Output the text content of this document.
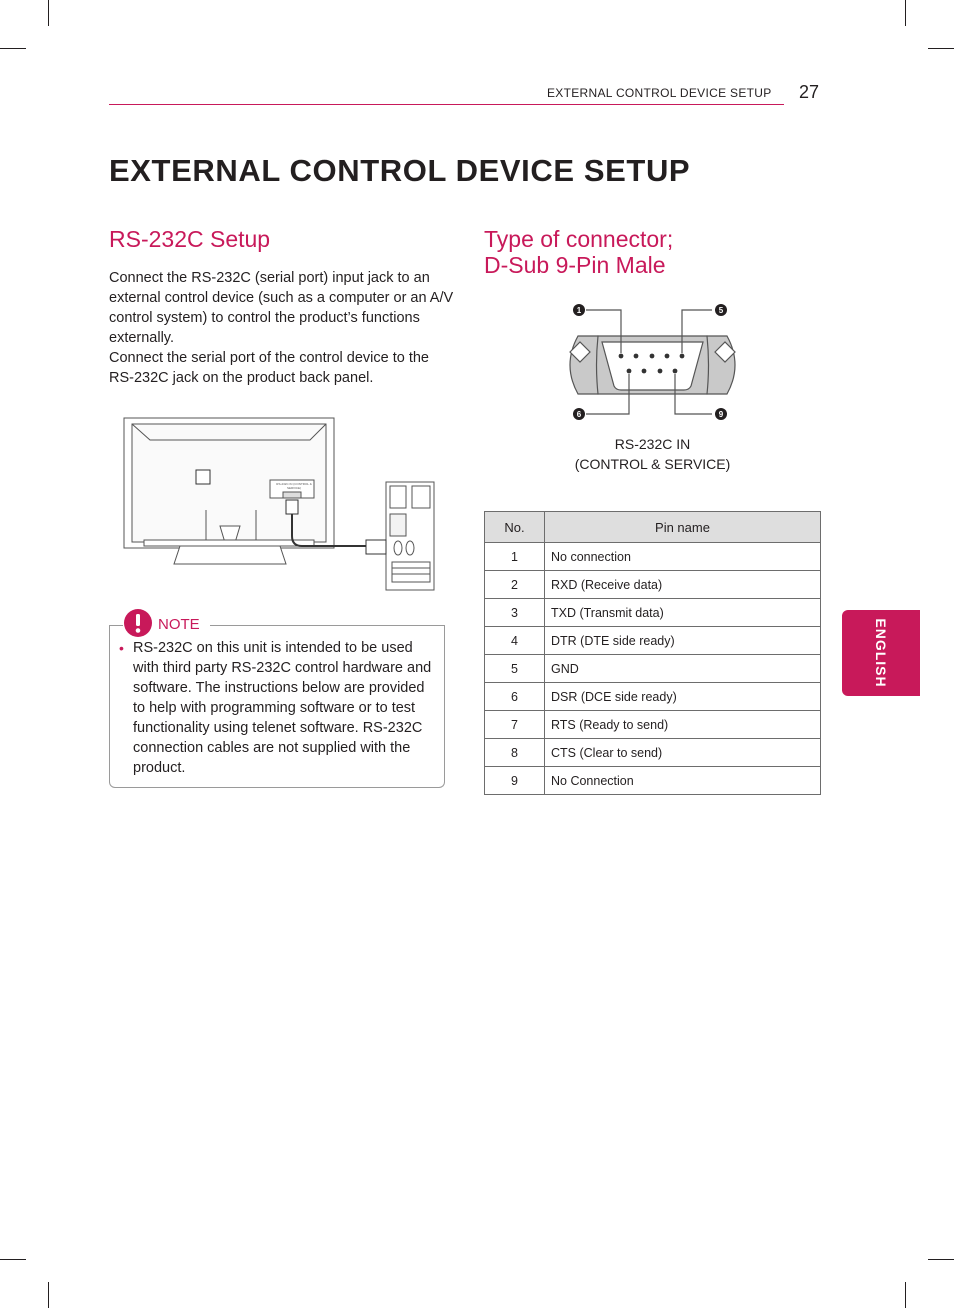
EXTERNAL CONTROL DEVICE SETUP 27
EXTERNAL CONTROL DEVICE SETUP
RS-232C Setup

Connect the RS-232C (serial port) input jack to an external control device (such as a computer or an A/V control system) to control the product’s functions externally.

Connect the serial port of the control device to the RS-232C jack on the product back panel.

RS-232C IN (CONTROL & SERVICE)
NOTE
• RS-232C on this unit is intended to be used with third party RS-232C control hardware and software. The instructions below are provided to help with programming software or to test functionality using telenet software. RS-232C connection cables are not supplied with the product.
Type of connector;
D-Sub 9-Pin Male
1	5
6	9
RS-232C IN
(CONTROL & SERVICE)
No.	Pin name
1	No connection
2	RXD (Receive data)
3	TXD (Transmit data)
4	DTR (DTE side ready)
5	GND
6	DSR (DCE side ready)
7	RTS (Ready to send)
8	CTS (Clear to send)
9	No Connection
ENGLISH
